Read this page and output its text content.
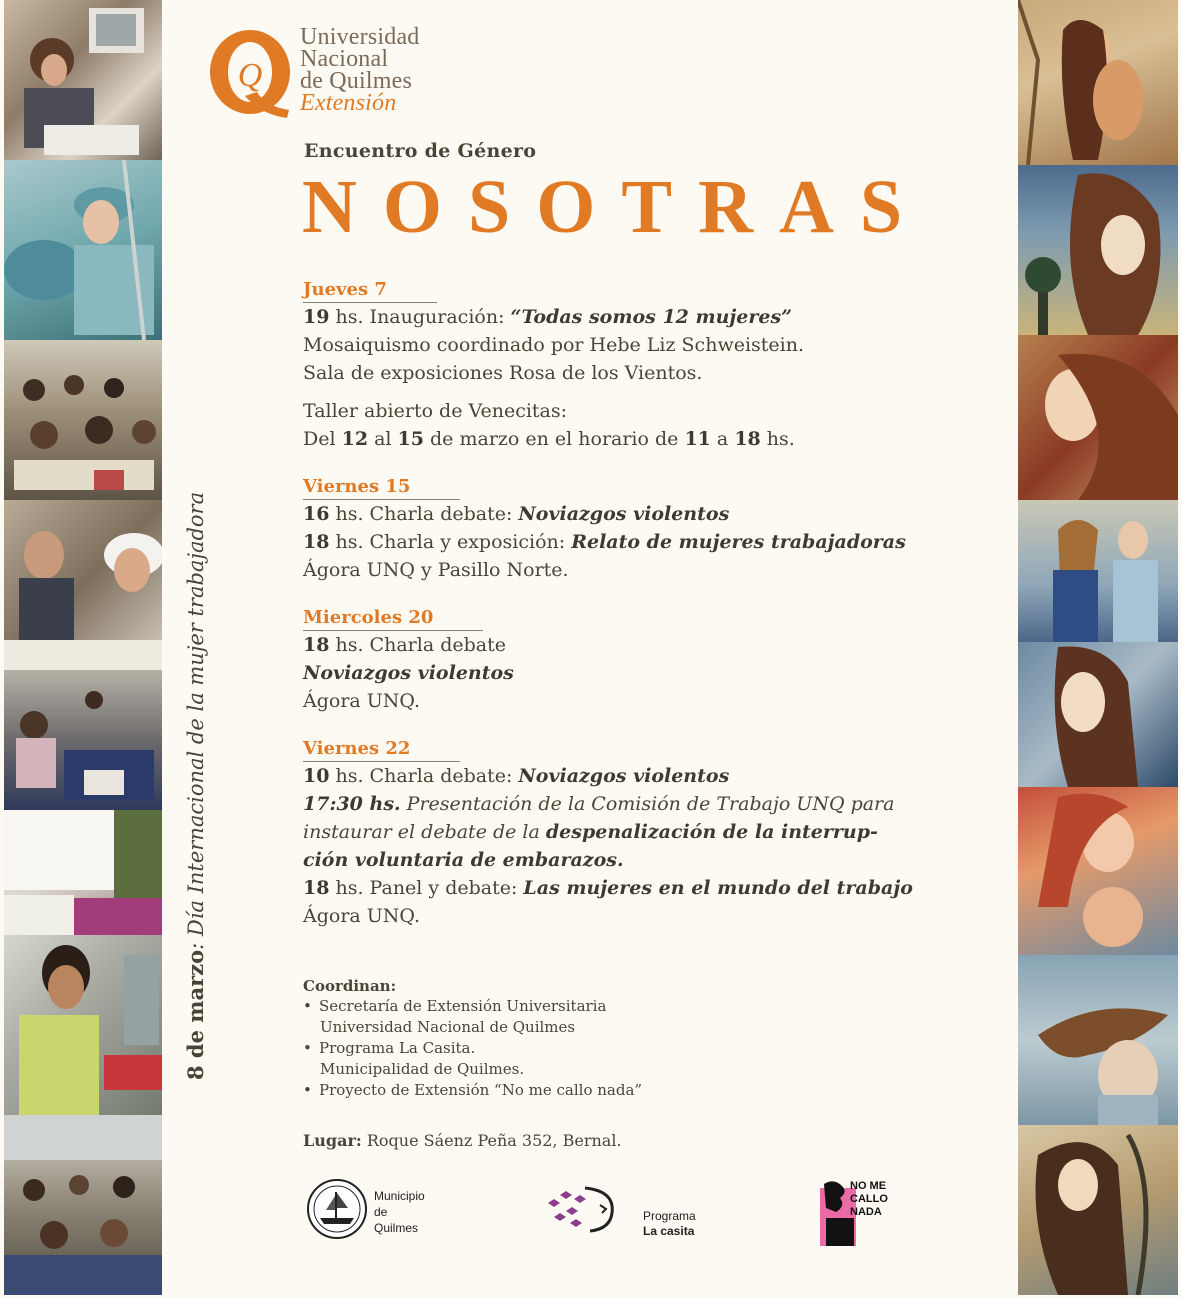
8 de marzo: Día Internacional de la mujer trabajadora
Q
Universidad
Nacional
de Quilmes
Extensión
Encuentro de Género
NOSOTRAS
Jueves 7
19 hs. Inauguración: “Todas somos 12 mujeres”
Mosaiquismo coordinado por Hebe Liz Schweistein.
Sala de exposiciones Rosa de los Vientos.
Taller abierto de Venecitas:
Del 12 al 15 de marzo en el horario de 11 a 18 hs.
Viernes 15
16 hs. Charla debate: Noviazgos violentos
18 hs. Charla y exposición: Relato de mujeres trabajadoras
Ágora UNQ y Pasillo Norte.
Miercoles 20
18 hs. Charla debate
Noviazgos violentos
Ágora UNQ.
Viernes 22
10 hs. Charla debate: Noviazgos violentos
17:30 hs. Presentación de la Comisión de Trabajo UNQ para
instaurar el debate de la despenalización de la interrup-
ción voluntaria de embarazos.
18 hs. Panel y debate: Las mujeres en el mundo del trabajo
Ágora UNQ.
Coordinan:
• Secretaría de Extensión Universitaria
Universidad Nacional de Quilmes
• Programa La Casita.
Municipalidad de Quilmes.
• Proyecto de Extensión “No me callo nada”
Lugar: Roque Sáenz Peña 352, Bernal.
Municipio
de
Quilmes
Programa
La casita
NO ME
CALLO
NADA
